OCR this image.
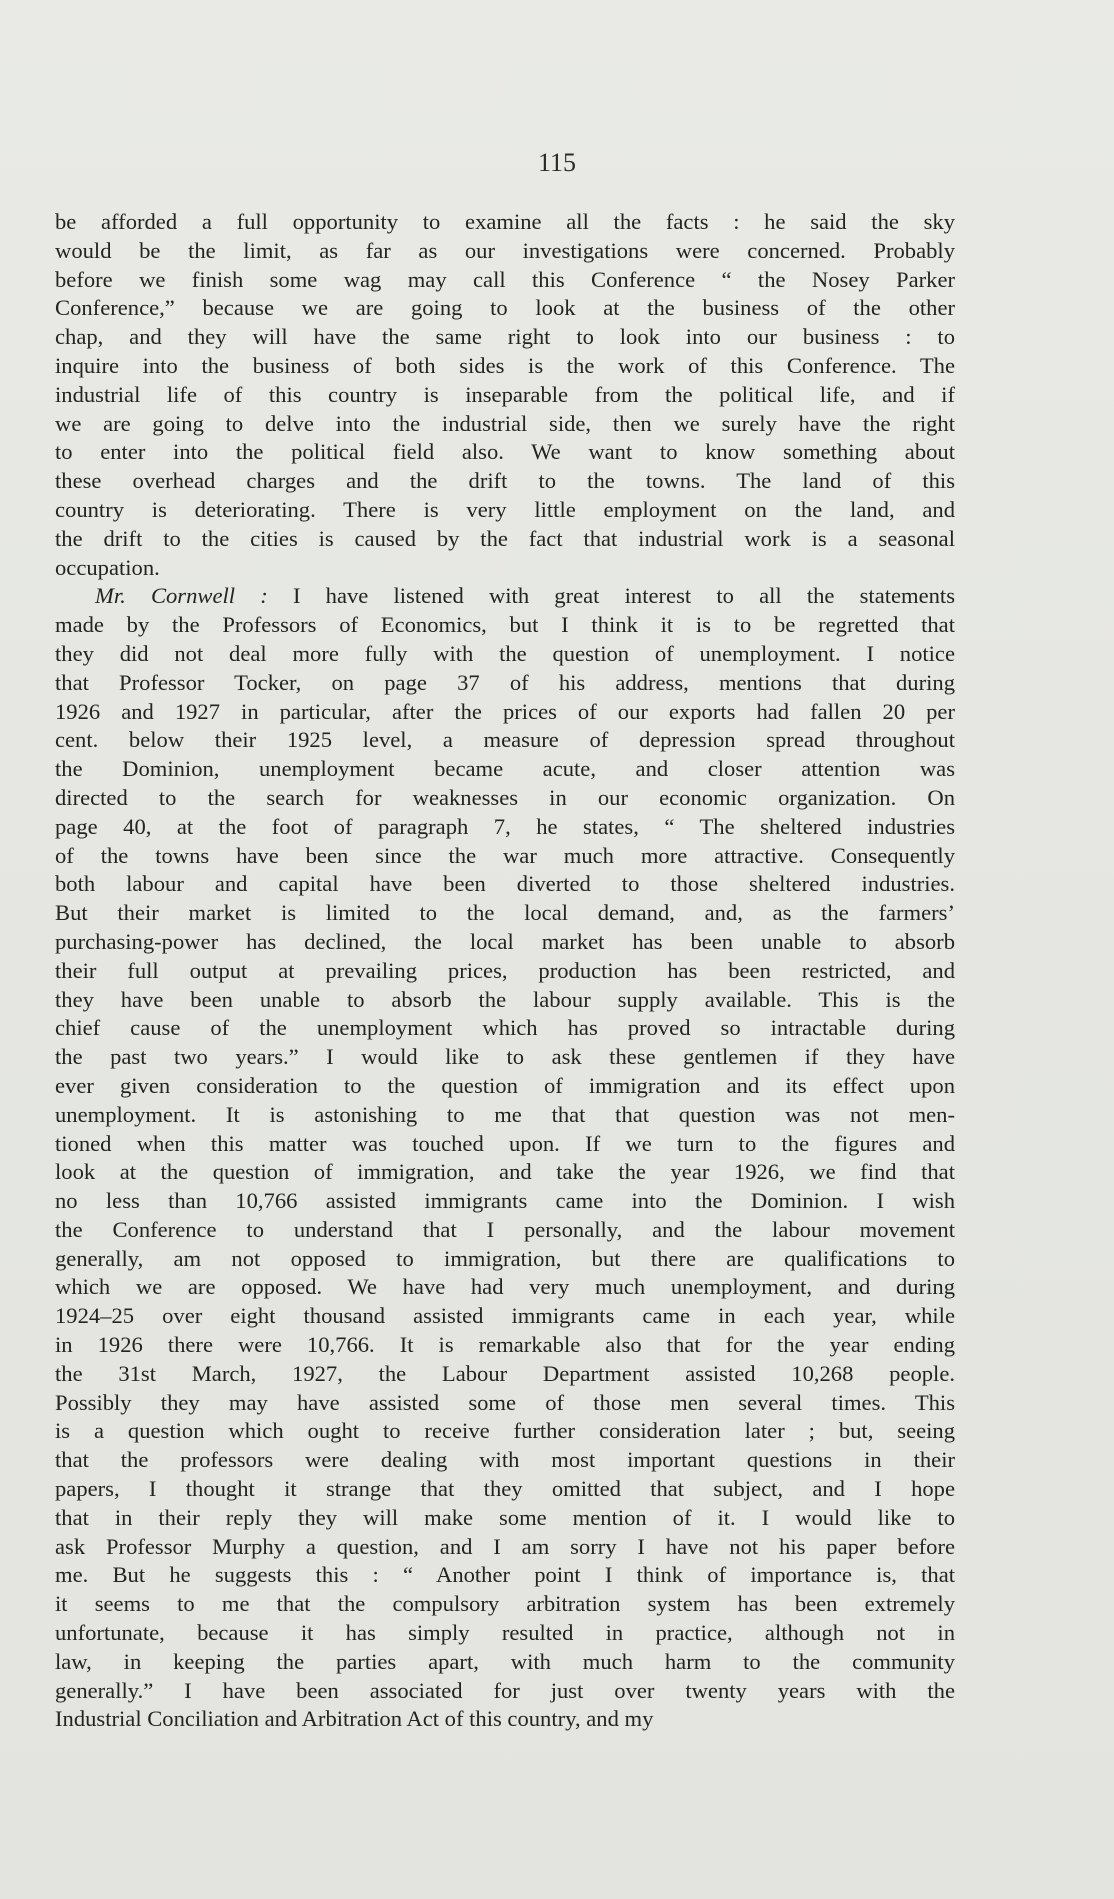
115
be afforded a full opportunity to examine all the facts : he said the sky
would be the limit, as far as our investigations were concerned. Probably
before we finish some wag may call this Conference “ the Nosey Parker
Conference,” because we are going to look at the business of the other
chap, and they will have the same right to look into our business : to
inquire into the business of both sides is the work of this Conference. The
industrial life of this country is inseparable from the political life, and if
we are going to delve into the industrial side, then we surely have the right
to enter into the political field also. We want to know something about
these overhead charges and the drift to the towns. The land of this
country is deteriorating. There is very little employment on the land, and
the drift to the cities is caused by the fact that industrial work is a seasonal
occupation.
Mr. Cornwell : I have listened with great interest to all the statements
made by the Professors of Economics, but I think it is to be regretted that
they did not deal more fully with the question of unemployment. I notice
that Professor Tocker, on page 37 of his address, mentions that during
1926 and 1927 in particular, after the prices of our exports had fallen 20 per
cent. below their 1925 level, a measure of depression spread throughout
the Dominion, unemployment became acute, and closer attention was
directed to the search for weaknesses in our economic organization. On
page 40, at the foot of paragraph 7, he states, “ The sheltered industries
of the towns have been since the war much more attractive. Consequently
both labour and capital have been diverted to those sheltered industries.
But their market is limited to the local demand, and, as the farmers’
purchasing-power has declined, the local market has been unable to absorb
their full output at prevailing prices, production has been restricted, and
they have been unable to absorb the labour supply available. This is the
chief cause of the unemployment which has proved so intractable during
the past two years.” I would like to ask these gentlemen if they have
ever given consideration to the question of immigration and its effect upon
unemployment. It is astonishing to me that that question was not men-
tioned when this matter was touched upon. If we turn to the figures and
look at the question of immigration, and take the year 1926, we find that
no less than 10,766 assisted immigrants came into the Dominion. I wish
the Conference to understand that I personally, and the labour movement
generally, am not opposed to immigration, but there are qualifications to
which we are opposed. We have had very much unemployment, and during
1924–25 over eight thousand assisted immigrants came in each year, while
in 1926 there were 10,766. It is remarkable also that for the year ending
the 31st March, 1927, the Labour Department assisted 10,268 people.
Possibly they may have assisted some of those men several times. This
is a question which ought to receive further consideration later ; but, seeing
that the professors were dealing with most important questions in their
papers, I thought it strange that they omitted that subject, and I hope
that in their reply they will make some mention of it. I would like to
ask Professor Murphy a question, and I am sorry I have not his paper before
me. But he suggests this : “ Another point I think of importance is, that
it seems to me that the compulsory arbitration system has been extremely
unfortunate, because it has simply resulted in practice, although not in
law, in keeping the parties apart, with much harm to the community
generally.” I have been associated for just over twenty years with the
Industrial Conciliation and Arbitration Act of this country, and my
